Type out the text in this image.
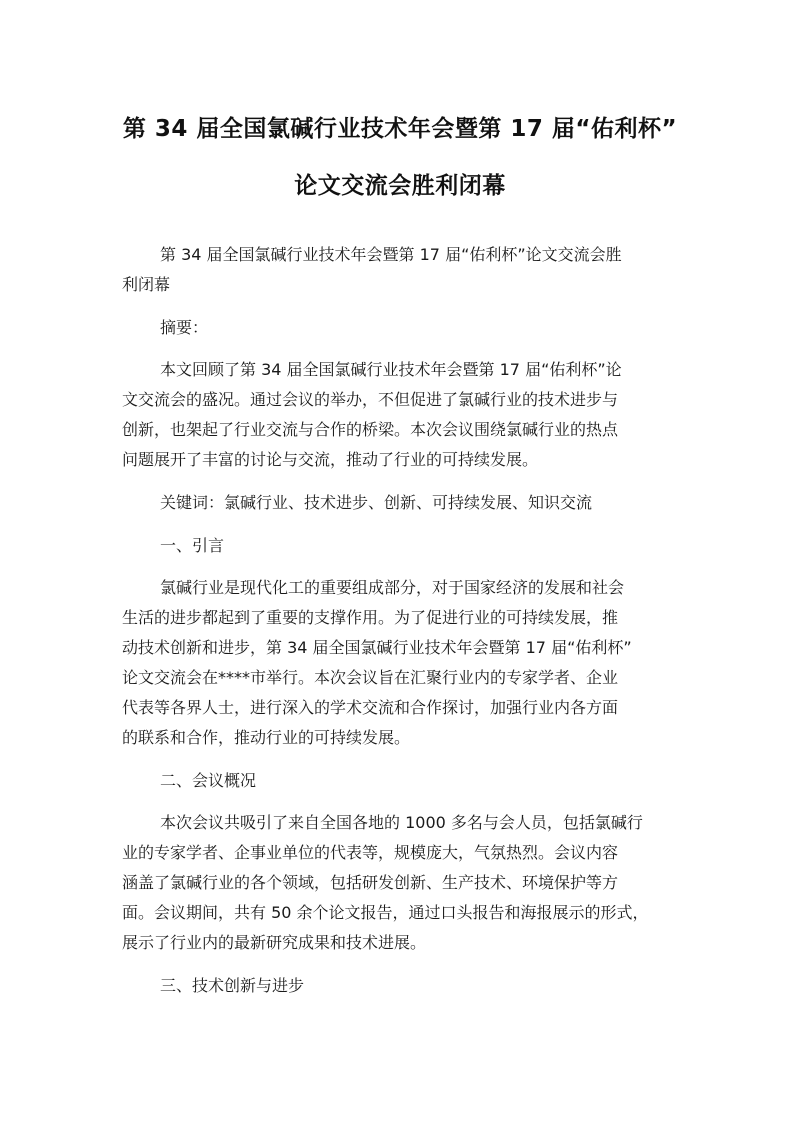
第 34 届全国氯碱行业技术年会暨第 17 届“佑利杯”
论文交流会胜利闭幕

第 34 届全国氯碱行业技术年会暨第 17 届“佑利杯”论文交流会胜

利闭幕

摘要：

本文回顾了第 34 届全国氯碱行业技术年会暨第 17 届“佑利杯”论

文交流会的盛况。通过会议的举办，不但促进了氯碱行业的技术进步与

创新，也架起了行业交流与合作的桥梁。本次会议围绕氯碱行业的热点

问题展开了丰富的讨论与交流，推动了行业的可持续发展。

关键词：氯碱行业、技术进步、创新、可持续发展、知识交流

一、引言

氯碱行业是现代化工的重要组成部分，对于国家经济的发展和社会

生活的进步都起到了重要的支撑作用。为了促进行业的可持续发展，推

动技术创新和进步，第 34 届全国氯碱行业技术年会暨第 17 届“佑利杯”

论文交流会在****市举行。本次会议旨在汇聚行业内的专家学者、企业

代表等各界人士，进行深入的学术交流和合作探讨，加强行业内各方面

的联系和合作，推动行业的可持续发展。

二、会议概况

本次会议共吸引了来自全国各地的 1000 多名与会人员，包括氯碱行

业的专家学者、企事业单位的代表等，规模庞大，气氛热烈。会议内容

涵盖了氯碱行业的各个领域，包括研发创新、生产技术、环境保护等方

面。会议期间，共有 50 余个论文报告，通过口头报告和海报展示的形式，

展示了行业内的最新研究成果和技术进展。

三、技术创新与进步
